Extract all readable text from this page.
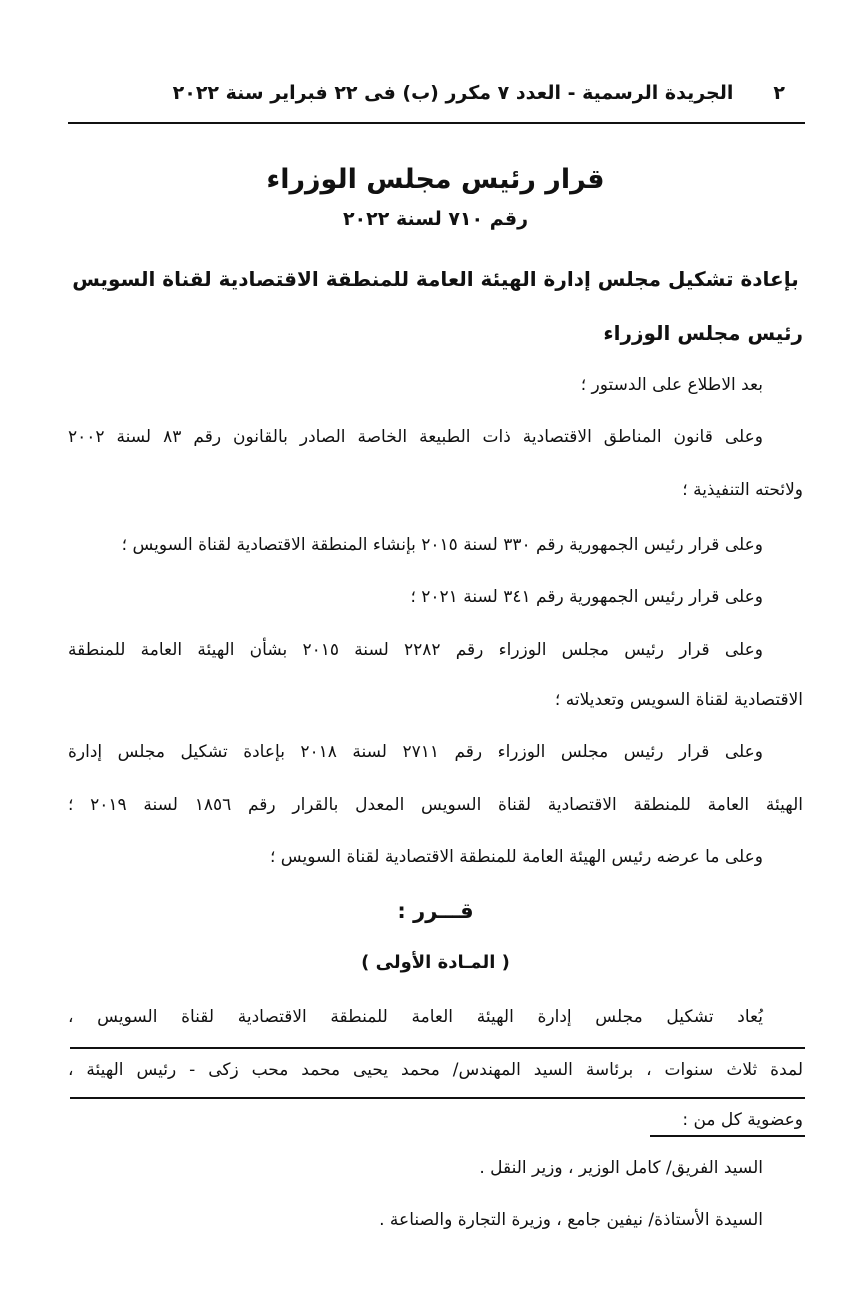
٢
الجريدة الرسمية - العدد ٧ مكرر (ب) فى ٢٢ فبراير سنة ٢٠٢٢
قرار رئيس مجلس الوزراء
رقم ٧١٠ لسنة ٢٠٢٢
بإعادة تشكيل مجلس إدارة الهيئة العامة للمنطقة الاقتصادية لقناة السويس
رئيس مجلس الوزراء
بعد الاطلاع على الدستور ؛
وعلى قانون المناطق الاقتصادية ذات الطبيعة الخاصة الصادر بالقانون رقم ٨٣ لسنة ٢٠٠٢
ولائحته التنفيذية ؛
وعلى قرار رئيس الجمهورية رقم ٣٣٠ لسنة ٢٠١٥ بإنشاء المنطقة الاقتصادية لقناة السويس ؛
وعلى قرار رئيس الجمهورية رقم ٣٤١ لسنة ٢٠٢١ ؛
وعلى قرار رئيس مجلس الوزراء رقم ٢٢٨٢ لسنة ٢٠١٥ بشأن الهيئة العامة للمنطقة
الاقتصادية لقناة السويس وتعديلاته ؛
وعلى قرار رئيس مجلس الوزراء رقم ٢٧١١ لسنة ٢٠١٨ بإعادة تشكيل مجلس إدارة
الهيئة العامة للمنطقة الاقتصادية لقناة السويس المعدل بالقرار رقم ١٨٥٦ لسنة ٢٠١٩ ؛
وعلى ما عرضه رئيس الهيئة العامة للمنطقة الاقتصادية لقناة السويس ؛
قـــرر :
( المـادة الأولى )
يُعاد تشكيل مجلس إدارة الهيئة العامة للمنطقة الاقتصادية لقناة السويس ،
لمدة ثلاث سنوات ، برئاسة السيد المهندس/ محمد يحيى محمد محب زكى - رئيس الهيئة ،
وعضوية كل من :
السيد الفريق/ كامل الوزير ، وزير النقل .
السيدة الأستاذة/ نيفين جامع ، وزيرة التجارة والصناعة .
